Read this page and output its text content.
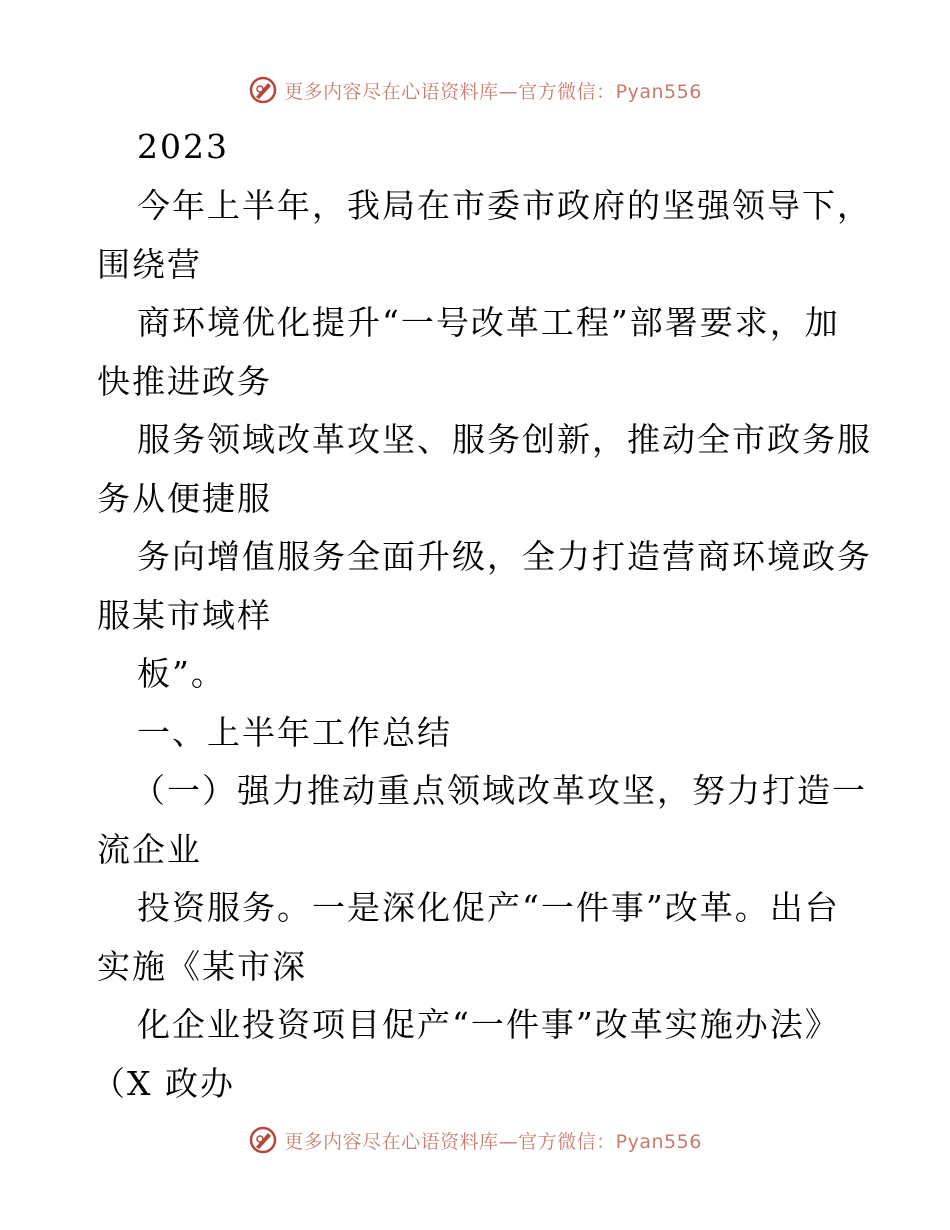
更多内容尽在心语资料库—官方微信：Pyan556
2023
今年上半年，我局在市委市政府的坚强领导下，
围绕营
商环境优化提升“一号改革工程”部署要求，加
快推进政务
服务领域改革攻坚、服务创新，推动全市政务服
务从便捷服
务向增值服务全面升级，全力打造营商环境政务
服某市域样
板”。
一、上半年工作总结
（一）强力推动重点领域改革攻坚，努力打造一
流企业
投资服务。一是深化促产“一件事”改革。出台
实施《某市深
化企业投资项目促产“一件事”改革实施办法》
（X 政办
更多内容尽在心语资料库—官方微信：Pyan556
